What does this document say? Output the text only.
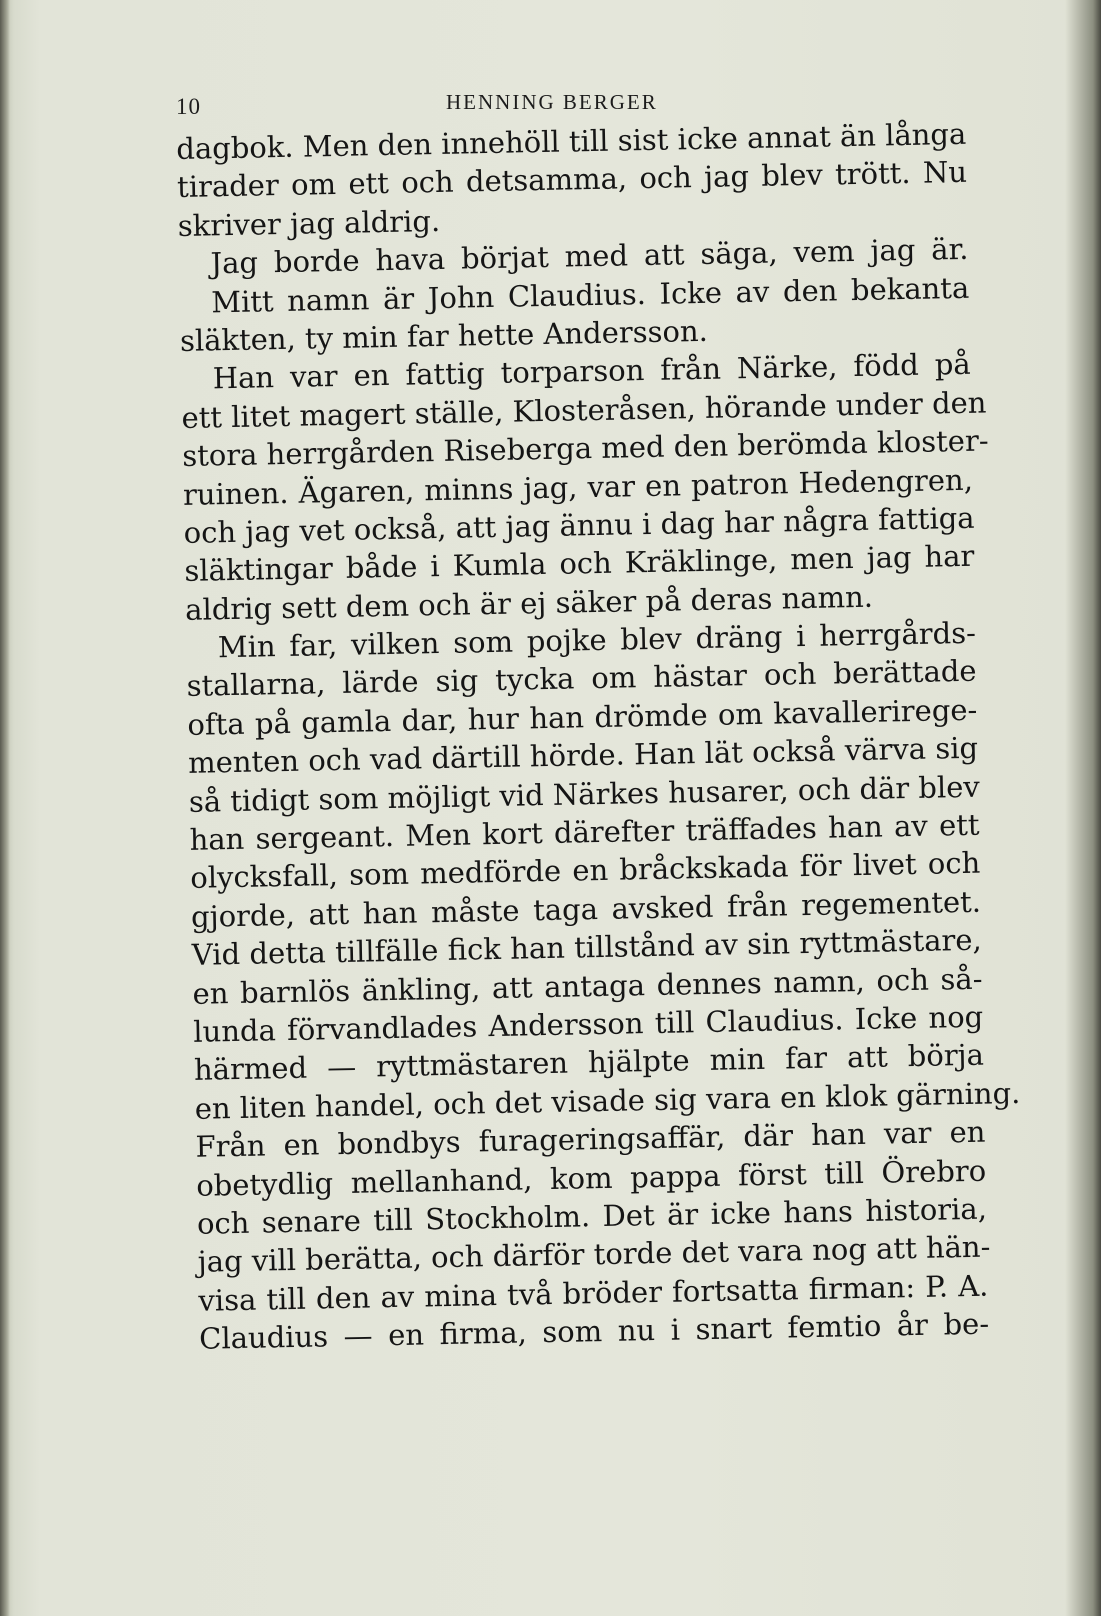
10	HENNING BERGER
dagbok. Men den innehöll till sist icke annat än långa
tirader om ett och detsamma, och jag blev trött. Nu
skriver jag aldrig.
Jag borde hava börjat med att säga, vem jag är.
Mitt namn är John Claudius. Icke av den bekanta
släkten, ty min far hette Andersson.
Han var en fattig torparson från Närke, född på
ett litet magert ställe, Klosteråsen, hörande under den
stora herrgården Riseberga med den berömda kloster-
ruinen. Ägaren, minns jag, var en patron Hedengren,
och jag vet också, att jag ännu i dag har några fattiga
släktingar både i Kumla och Kräklinge, men jag har
aldrig sett dem och är ej säker på deras namn.
Min far, vilken som pojke blev dräng i herrgårds-
stallarna, lärde sig tycka om hästar och berättade
ofta på gamla dar, hur han drömde om kavalleriregе-
menten och vad därtill hörde. Han lät också värva sig
så tidigt som möjligt vid Närkes husarer, och där blev
han sergeant. Men kort därefter träffades han av ett
olycksfall, som medförde en bråckskada för livet och
gjorde, att han måste taga avsked från regementet.
Vid detta tillfälle fick han tillstånd av sin ryttmästare,
en barnlös änkling, att antaga dennes namn, och så-
lunda förvandlades Andersson till Claudius. Icke nog
härmed — ryttmästaren hjälpte min far att börja
en liten handel, och det visade sig vara en klok gärning.
Från en bondbys furageringsaffär, där han var en
obetydlig mellanhand, kom pappa först till Örebro
och senare till Stockholm. Det är icke hans historia,
jag vill berätta, och därför torde det vara nog att hän-
visa till den av mina två bröder fortsatta firman: P. A.
Claudius — en firma, som nu i snart femtio år be-
